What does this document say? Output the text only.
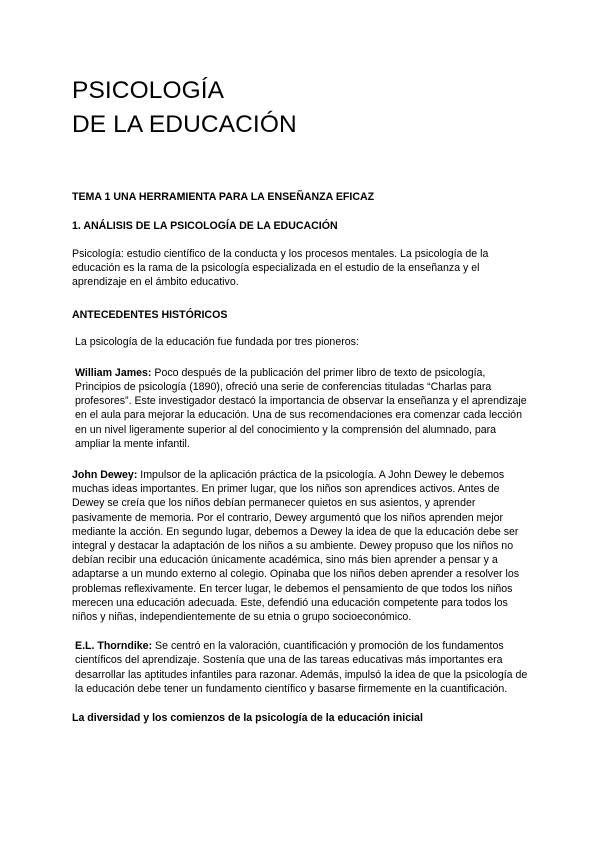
PSICOLOGÍA
DE LA EDUCACIÓN
TEMA 1 UNA HERRAMIENTA PARA LA ENSEÑANZA EFICAZ
1. ANÁLISIS DE LA PSICOLOGÍA DE LA EDUCACIÓN

Psicología: estudio científico de la conducta y los procesos mentales. La psicología de la educación es la rama de la psicología especializada en el estudio de la enseñanza y el aprendizaje en el ámbito educativo.

ANTECEDENTES HISTÓRICOS

La psicología de la educación fue fundada por tres pioneros:

William James: Poco después de la publicación del primer libro de texto de psicología, Principios de psicología (1890), ofreció una serie de conferencias tituladas “Charlas para profesores”. Este investigador destacó la importancia de observar la enseñanza y el aprendizaje en el aula para mejorar la educación. Una de sus recomendaciones era comenzar cada lección en un nivel ligeramente superior al del conocimiento y la comprensión del alumnado, para ampliar la mente infantil.

John Dewey: Impulsor de la aplicación práctica de la psicología. A John Dewey le debemos muchas ideas importantes. En primer lugar, que los niños son aprendices activos. Antes de Dewey se creía que los niños debían permanecer quietos en sus asientos, y aprender pasivamente de memoria. Por el contrario, Dewey argumentó que los niños aprenden mejor mediante la acción. En segundo lugar, debemos a Dewey la idea de que la educación debe ser integral y destacar la adaptación de los niños a su ambiente. Dewey propuso que los niños no debían recibir una educación únicamente académica, sino más bien aprender a pensar y a adaptarse a un mundo externo al colegio. Opinaba que los niños deben aprender a resolver los problemas reflexivamente. En tercer lugar, le debemos el pensamiento de que todos los niños merecen una educación adecuada. Este, defendió una educación competente para todos los niños y niñas, independientemente de su etnia o grupo socioeconómico.

E.L. Thorndike: Se centró en la valoración, cuantificación y promoción de los fundamentos científicos del aprendizaje. Sostenía que una de las tareas educativas más importantes era desarrollar las aptitudes infantiles para razonar. Además, impulsó la idea de que la psicología de la educación debe tener un fundamento científico y basarse firmemente en la cuantificación.

La diversidad y los comienzos de la psicología de la educación inicial
